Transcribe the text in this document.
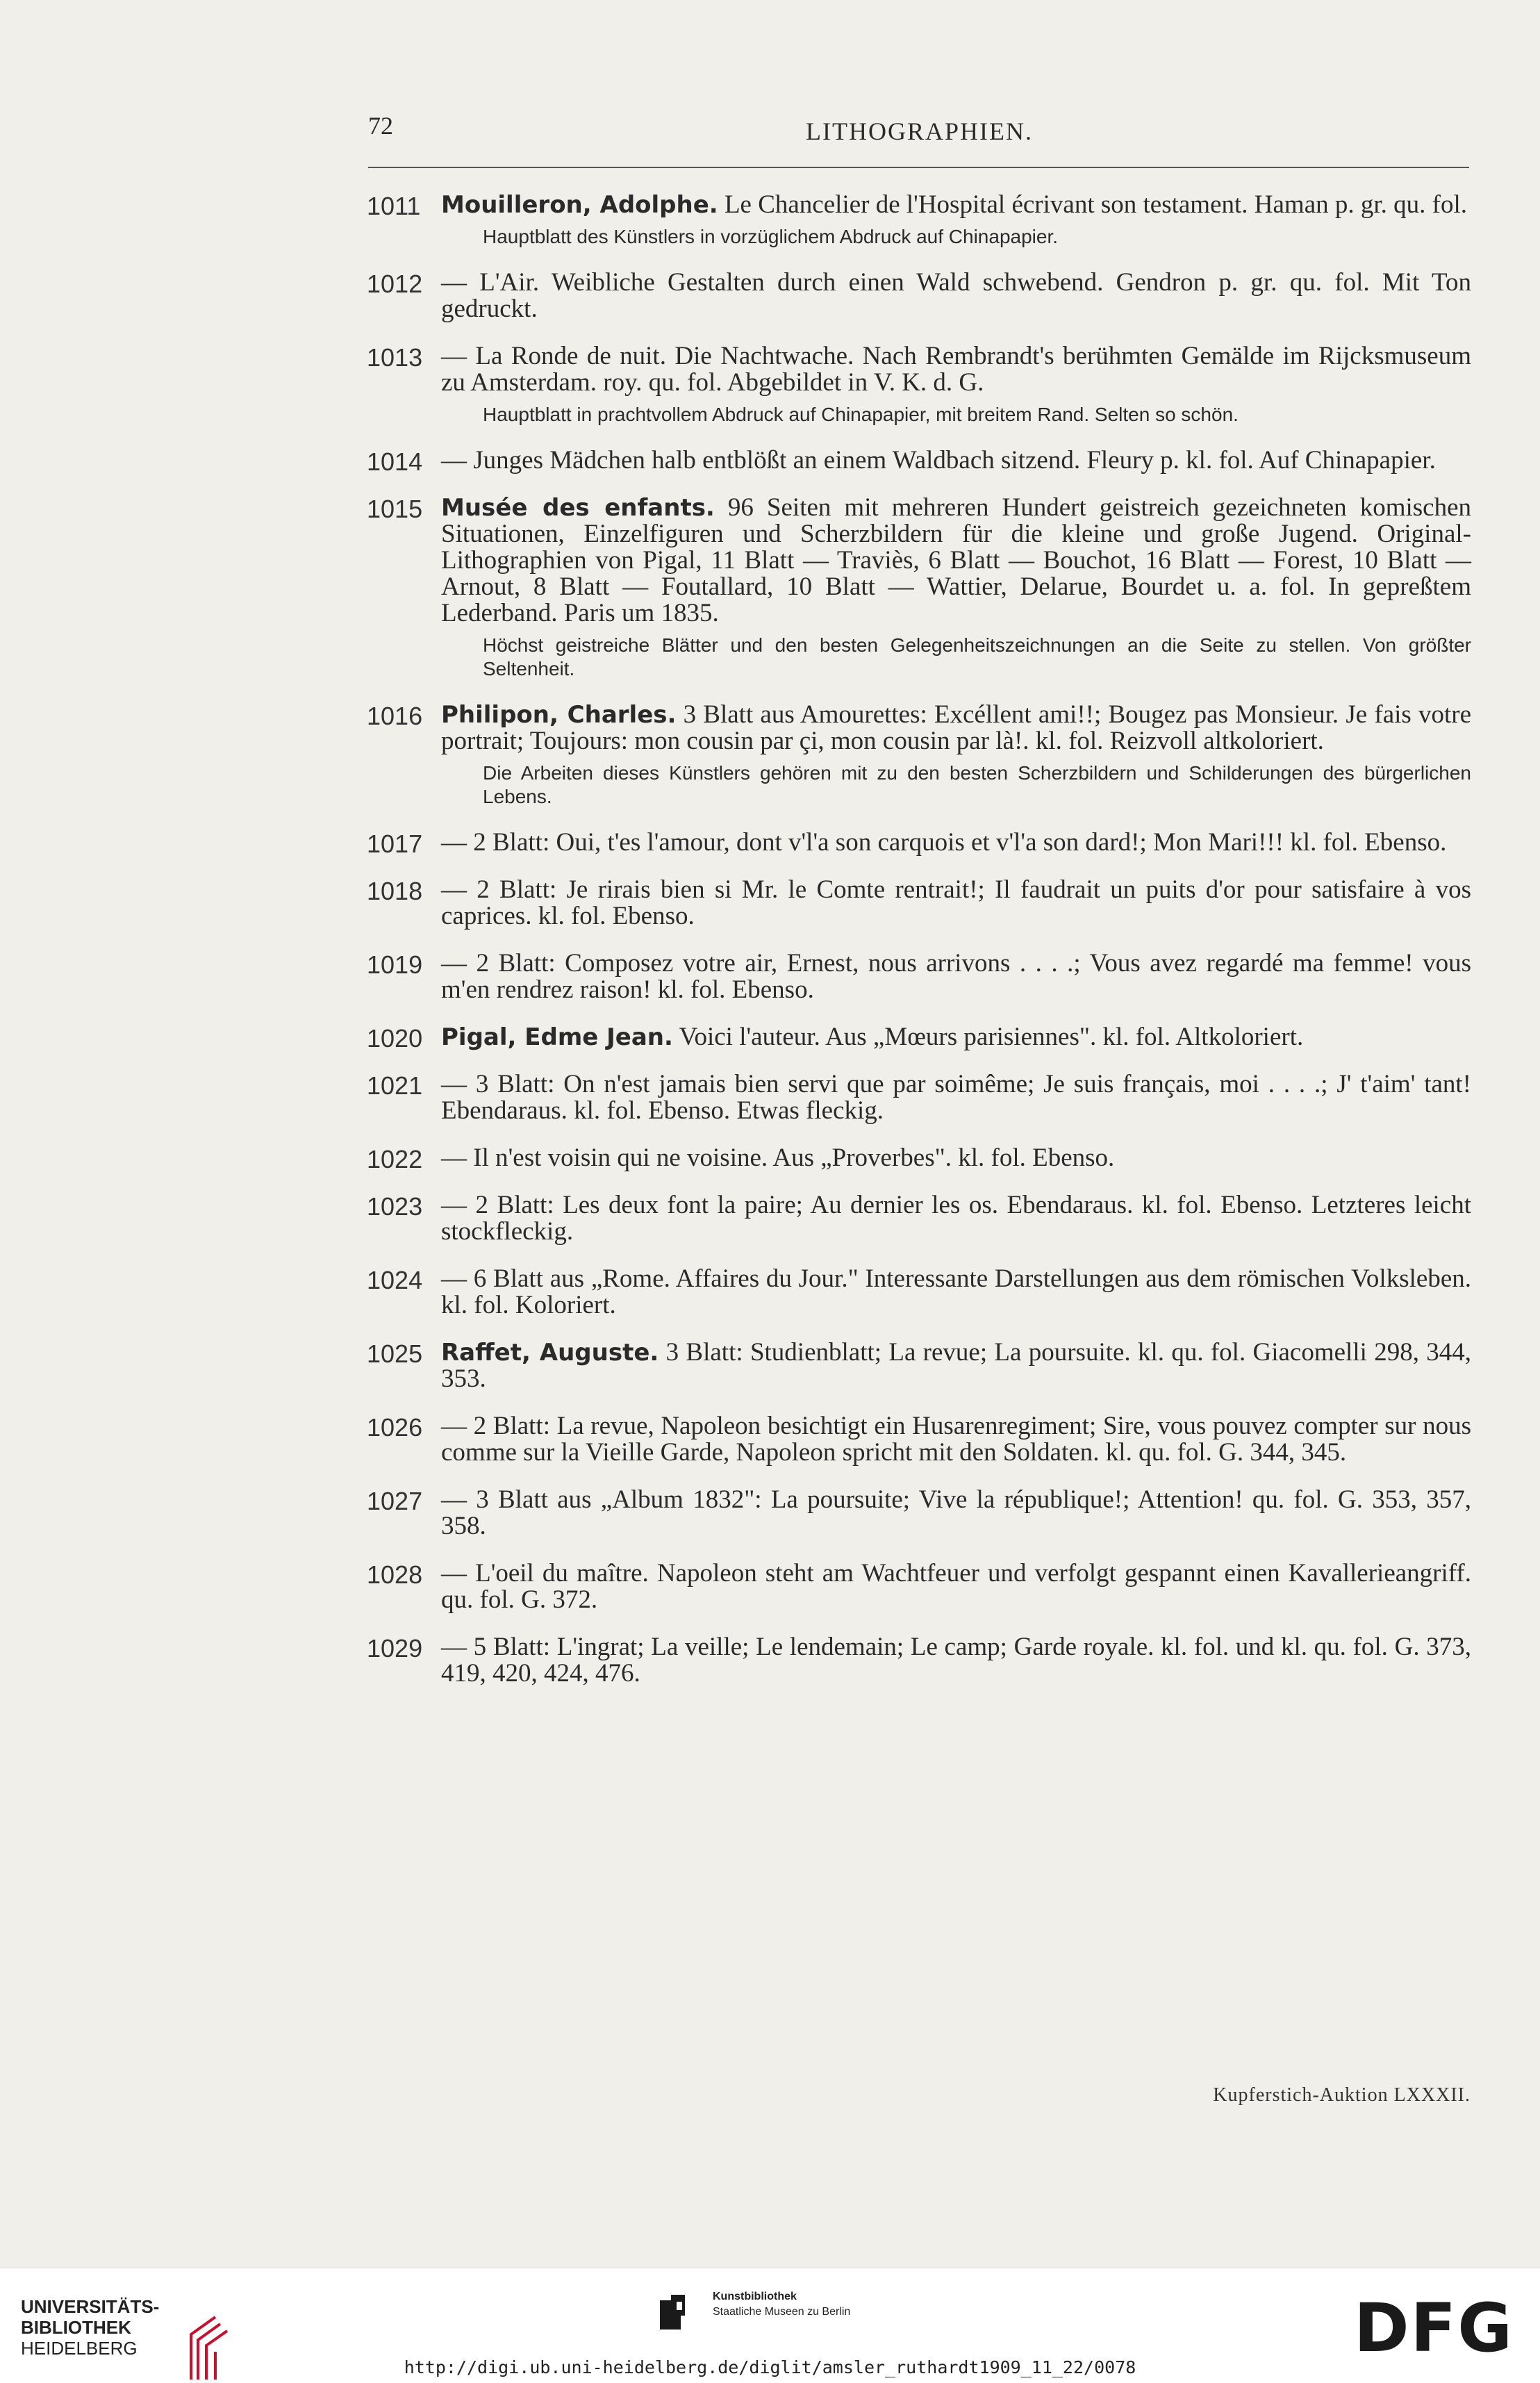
72	LITHOGRAPHIEN.
1011 Mouilleron, Adolphe. Le Chancelier de l'Hospital écrivant son testament. Haman p. gr. qu. fol.
Hauptblatt des Künstlers in vorzüglichem Abdruck auf Chinapapier.
1012 — L'Air. Weibliche Gestalten durch einen Wald schwebend. Gendron p. gr. qu. fol. Mit Ton gedruckt.
1013 — La Ronde de nuit. Die Nachtwache. Nach Rembrandt's berühmten Gemälde im Rijcksmuseum zu Amsterdam. roy. qu. fol. Abgebildet in V. K. d. G.
Hauptblatt in prachtvollem Abdruck auf Chinapapier, mit breitem Rand. Selten so schön.
1014 — Junges Mädchen halb entblößt an einem Waldbach sitzend. Fleury p. kl. fol. Auf Chinapapier.
1015 Musée des enfants. 96 Seiten mit mehreren Hundert geistreich gezeichneten komischen Situationen, Einzelfiguren und Scherzbildern für die kleine und große Jugend. Original-Lithographien von Pigal, 11 Blatt — Traviès, 6 Blatt — Bouchot, 16 Blatt — Forest, 10 Blatt — Arnout, 8 Blatt — Foutallard, 10 Blatt — Wattier, Delarue, Bourdet u. a. fol. In gepreßtem Lederband. Paris um 1835.
Höchst geistreiche Blätter und den besten Gelegenheitszeichnungen an die Seite zu stellen. Von größter Seltenheit.
1016 Philipon, Charles. 3 Blatt aus Amourettes: Excéllent ami!!; Bougez pas Monsieur. Je fais votre portrait; Toujours: mon cousin par çi, mon cousin par là!. kl. fol. Reizvoll altkoloriert.
Die Arbeiten dieses Künstlers gehören mit zu den besten Scherzbildern und Schilderungen des bürgerlichen Lebens.
1017 — 2 Blatt: Oui, t'es l'amour, dont v'l'a son carquois et v'l'a son dard!; Mon Mari!!! kl. fol. Ebenso.
1018 — 2 Blatt: Je rirais bien si Mr. le Comte rentrait!; Il faudrait un puits d'or pour satisfaire à vos caprices. kl. fol. Ebenso.
1019 — 2 Blatt: Composez votre air, Ernest, nous arrivons . . . .; Vous avez regardé ma femme! vous m'en rendrez raison! kl. fol. Ebenso.
1020 Pigal, Edme Jean. Voici l'auteur. Aus „Mœurs parisiennes". kl. fol. Altkoloriert.
1021 — 3 Blatt: On n'est jamais bien servi que par soimême; Je suis français, moi . . . .; J' t'aim' tant! Ebendaraus. kl. fol. Ebenso. Etwas fleckig.
1022 — Il n'est voisin qui ne voisine. Aus „Proverbes". kl. fol. Ebenso.
1023 — 2 Blatt: Les deux font la paire; Au dernier les os. Ebendaraus. kl. fol. Ebenso. Letzteres leicht stockfleckig.
1024 — 6 Blatt aus „Rome. Affaires du Jour." Interessante Darstellungen aus dem römischen Volksleben. kl. fol. Koloriert.
1025 Raffet, Auguste. 3 Blatt: Studienblatt; La revue; La poursuite. kl. qu. fol. Giacomelli 298, 344, 353.
1026 — 2 Blatt: La revue, Napoleon besichtigt ein Husarenregiment; Sire, vous pouvez compter sur nous comme sur la Vieille Garde, Napoleon spricht mit den Soldaten. kl. qu. fol. G. 344, 345.
1027 — 3 Blatt aus „Album 1832": La poursuite; Vive la république!; Attention! qu. fol. G. 353, 357, 358.
1028 — L'oeil du maître. Napoleon steht am Wachtfeuer und verfolgt gespannt einen Kavallerieangriff. qu. fol. G. 372.
1029 — 5 Blatt: L'ingrat; La veille; Le lendemain; Le camp; Garde royale. kl. fol. und kl. qu. fol. G. 373, 419, 420, 424, 476.
Kupferstich-Auktion LXXXII.
UNIVERSITÄTS-
BIBLIOTHEK
HEIDELBERG
Kunstbibliothek
Staatliche Museen zu Berlin	DFG
http://digi.ub.uni-heidelberg.de/diglit/amsler_ruthardt1909_11_22/0078
